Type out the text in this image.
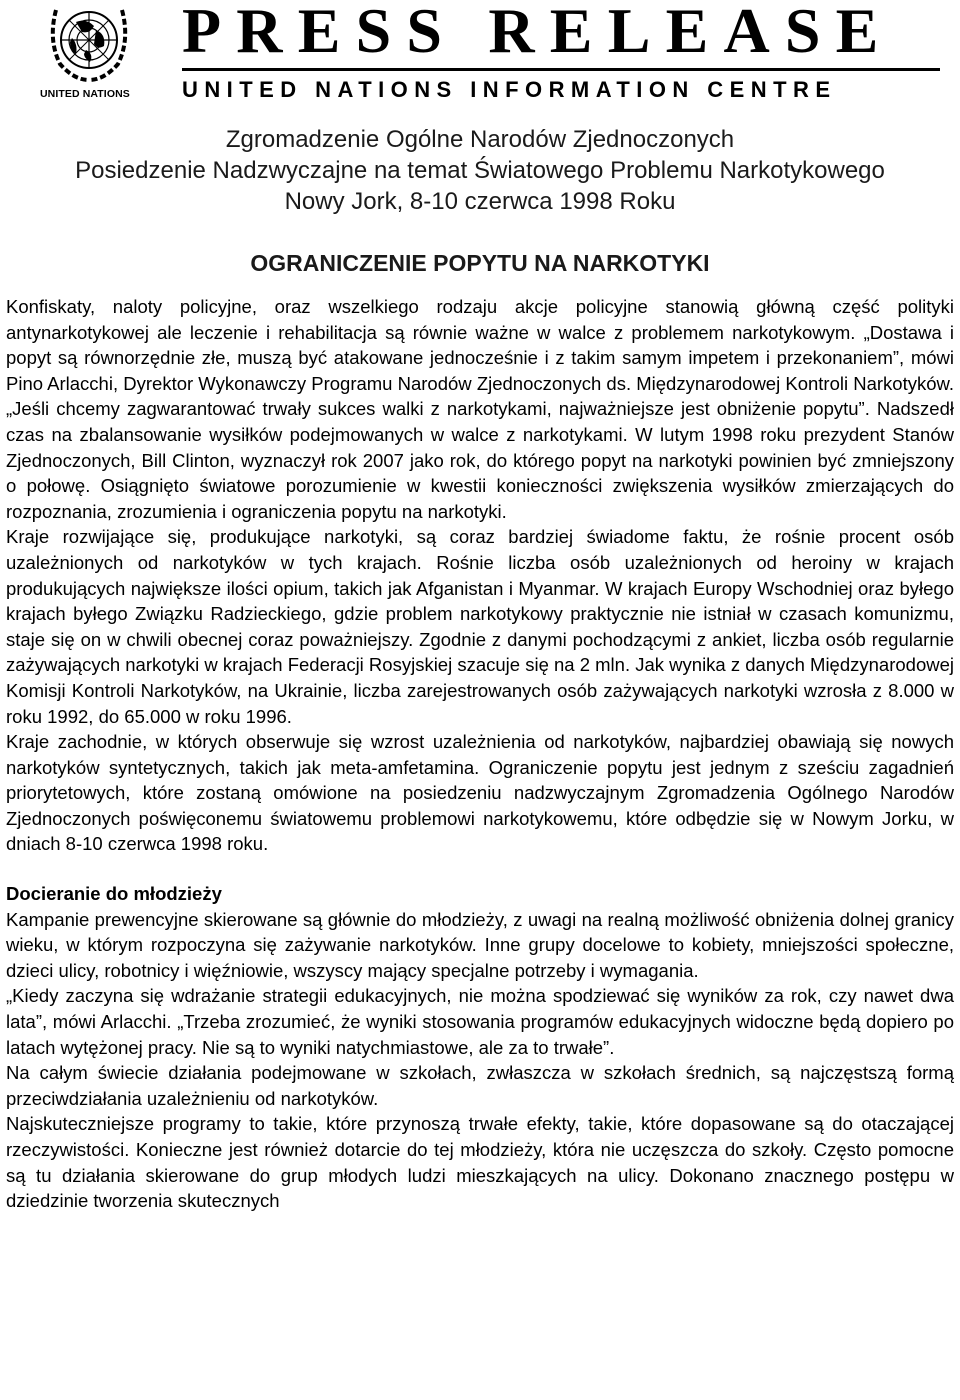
UNITED NATIONS
PRESS RELEASE
UNITED NATIONS INFORMATION CENTRE
Zgromadzenie Ogólne Narodów Zjednoczonych
Posiedzenie Nadzwyczajne na temat Światowego Problemu Narkotykowego
Nowy Jork, 8-10 czerwca 1998 Roku
OGRANICZENIE POPYTU NA NARKOTYKI

Konfiskaty, naloty policyjne, oraz wszelkiego rodzaju akcje policyjne stanowią główną część polityki antynarkotykowej ale leczenie i rehabilitacja są równie ważne w walce z problemem narkotykowym. „Dostawa i popyt są równorzędnie złe, muszą być atakowane jednocześnie i z takim samym impetem i przekonaniem”, mówi Pino Arlacchi, Dyrektor Wykonawczy Programu Narodów Zjednoczonych ds. Międzynarodowej Kontroli Narkotyków. „Jeśli chcemy zagwarantować trwały sukces walki z narkotykami, najważniejsze jest obniżenie popytu”. Nadszedł czas na zbalansowanie wysiłków podejmowanych w walce z narkotykami. W lutym 1998 roku prezydent Stanów Zjednoczonych, Bill Clinton, wyznaczył rok 2007 jako rok, do którego popyt na narkotyki powinien być zmniejszony o połowę. Osiągnięto światowe porozumienie w kwestii konieczności zwiększenia wysiłków zmierzających do rozpoznania, zrozumienia i ograniczenia popytu na narkotyki.

Kraje rozwijające się, produkujące narkotyki, są coraz bardziej świadome faktu, że rośnie procent osób uzależnionych od narkotyków w tych krajach. Rośnie liczba osób uzależnionych od heroiny w krajach produkujących największe ilości opium, takich jak Afganistan i Myanmar. W krajach Europy Wschodniej oraz byłego krajach byłego Związku Radzieckiego, gdzie problem narkotykowy praktycznie nie istniał w czasach komunizmu, staje się on w chwili obecnej coraz poważniejszy. Zgodnie z danymi pochodzącymi z ankiet, liczba osób regularnie zażywających narkotyki w krajach Federacji Rosyjskiej szacuje się na 2 mln. Jak wynika z danych Międzynarodowej Komisji Kontroli Narkotyków, na Ukrainie, liczba zarejestrowanych osób zażywających narkotyki wzrosła z 8.000 w roku 1992, do 65.000 w roku 1996.

Kraje zachodnie, w których obserwuje się wzrost uzależnienia od narkotyków, najbardziej obawiają się nowych narkotyków syntetycznych, takich jak meta-amfetamina. Ograniczenie popytu jest jednym z sześciu zagadnień priorytetowych, które zostaną omówione na posiedzeniu nadzwyczajnym Zgromadzenia Ogólnego Narodów Zjednoczonych poświęconemu światowemu problemowi narkotykowemu, które odbędzie się w Nowym Jorku, w dniach 8-10 czerwca 1998 roku.

Docieranie do młodzieży

Kampanie prewencyjne skierowane są głównie do młodzieży, z uwagi na realną możliwość obniżenia dolnej granicy wieku, w którym rozpoczyna się zażywanie narkotyków. Inne grupy docelowe to kobiety, mniejszości społeczne, dzieci ulicy, robotnicy i więźniowie, wszyscy mający specjalne potrzeby i wymagania.

„Kiedy zaczyna się wdrażanie strategii edukacyjnych, nie można spodziewać się wyników za rok, czy nawet dwa lata”, mówi Arlacchi. „Trzeba zrozumieć, że wyniki stosowania programów edukacyjnych widoczne będą dopiero po latach wytężonej pracy. Nie są to wyniki natychmiastowe, ale za to trwałe”.

Na całym świecie działania podejmowane w szkołach, zwłaszcza w szkołach średnich, są najczęstszą formą przeciwdziałania uzależnieniu od narkotyków.

Najskuteczniejsze programy to takie, które przynoszą trwałe efekty, takie, które dopasowane są do otaczającej rzeczywistości. Konieczne jest również dotarcie do tej młodzieży, która nie uczęszcza do szkoły. Często pomocne są tu działania skierowane do grup młodych ludzi mieszkających na ulicy. Dokonano znacznego postępu w dziedzinie tworzenia skutecznych
